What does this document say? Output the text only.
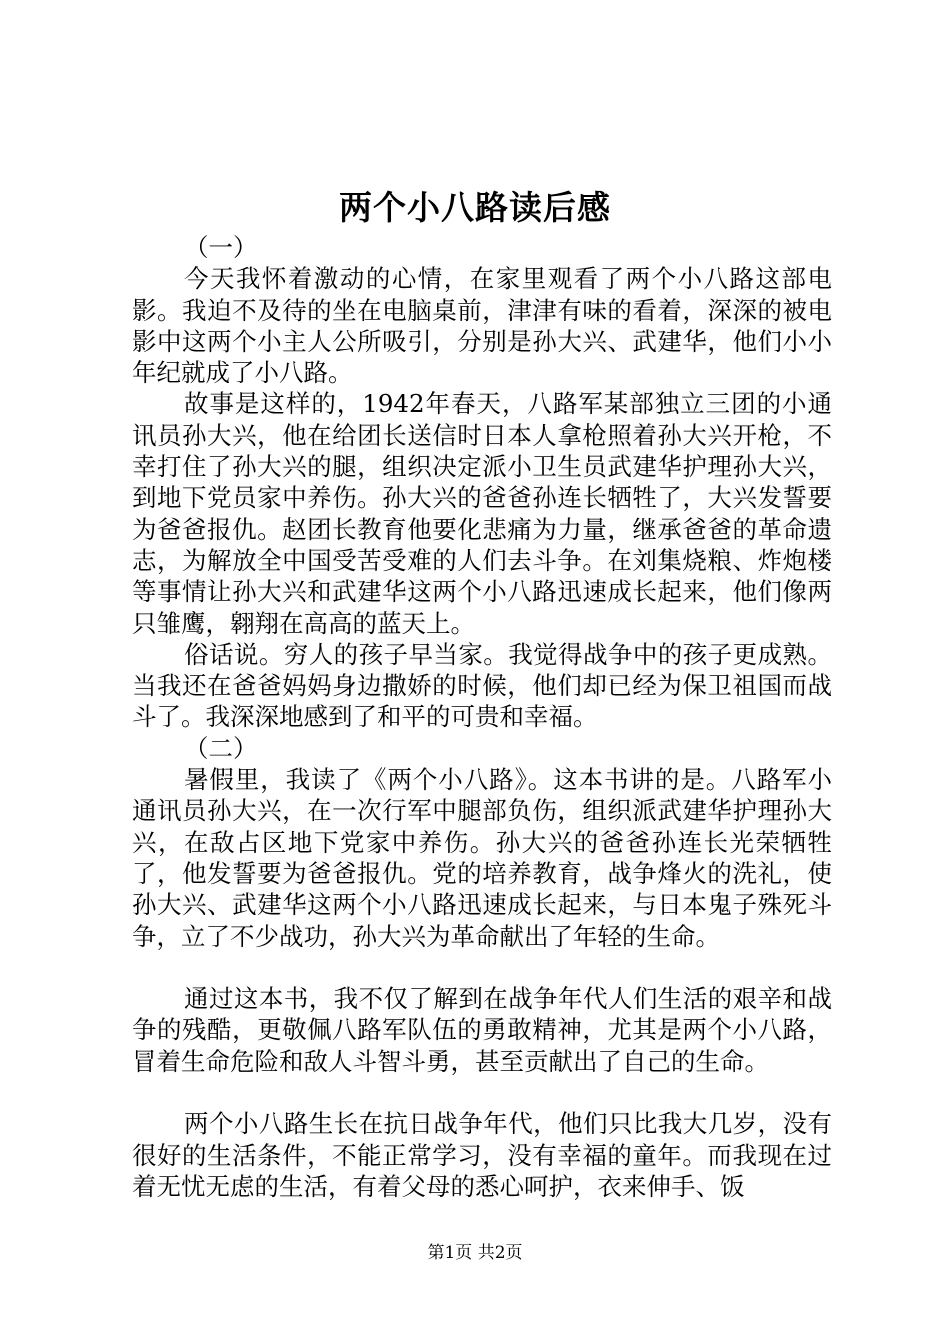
两个小八路读后感

（一）

今天我怀着激动的心情，在家里观看了两个小八路这部电影。我迫不及待的坐在电脑桌前，津津有味的看着，深深的被电影中这两个小主人公所吸引，分别是孙大兴、武建华，他们小小年纪就成了小八路。

故事是这样的，1942年春天，八路军某部独立三团的小通讯员孙大兴，他在给团长送信时日本人拿枪照着孙大兴开枪，不幸打住了孙大兴的腿，组织决定派小卫生员武建华护理孙大兴，到地下党员家中养伤。孙大兴的爸爸孙连长牺牲了，大兴发誓要为爸爸报仇。赵团长教育他要化悲痛为力量，继承爸爸的革命遗志，为解放全中国受苦受难的人们去斗争。在刘集烧粮、炸炮楼等事情让孙大兴和武建华这两个小八路迅速成长起来，他们像两只雏鹰，翱翔在高高的蓝天上。

俗话说。穷人的孩子早当家。我觉得战争中的孩子更成熟。当我还在爸爸妈妈身边撒娇的时候，他们却已经为保卫祖国而战斗了。我深深地感到了和平的可贵和幸福。

（二）

暑假里，我读了《两个小八路》。这本书讲的是。八路军小通讯员孙大兴，在一次行军中腿部负伤，组织派武建华护理孙大兴，在敌占区地下党家中养伤。孙大兴的爸爸孙连长光荣牺牲了，他发誓要为爸爸报仇。党的培养教育，战争烽火的洗礼，使孙大兴、武建华这两个小八路迅速成长起来，与日本鬼子殊死斗争，立了不少战功，孙大兴为革命献出了年轻的生命。

通过这本书，我不仅了解到在战争年代人们生活的艰辛和战争的残酷，更敬佩八路军队伍的勇敢精神，尤其是两个小八路，冒着生命危险和敌人斗智斗勇，甚至贡献出了自己的生命。

两个小八路生长在抗日战争年代，他们只比我大几岁，没有很好的生活条件，不能正常学习，没有幸福的童年。而我现在过着无忧无虑的生活，有着父母的悉心呵护，衣来伸手、饭

第1页 共2页
